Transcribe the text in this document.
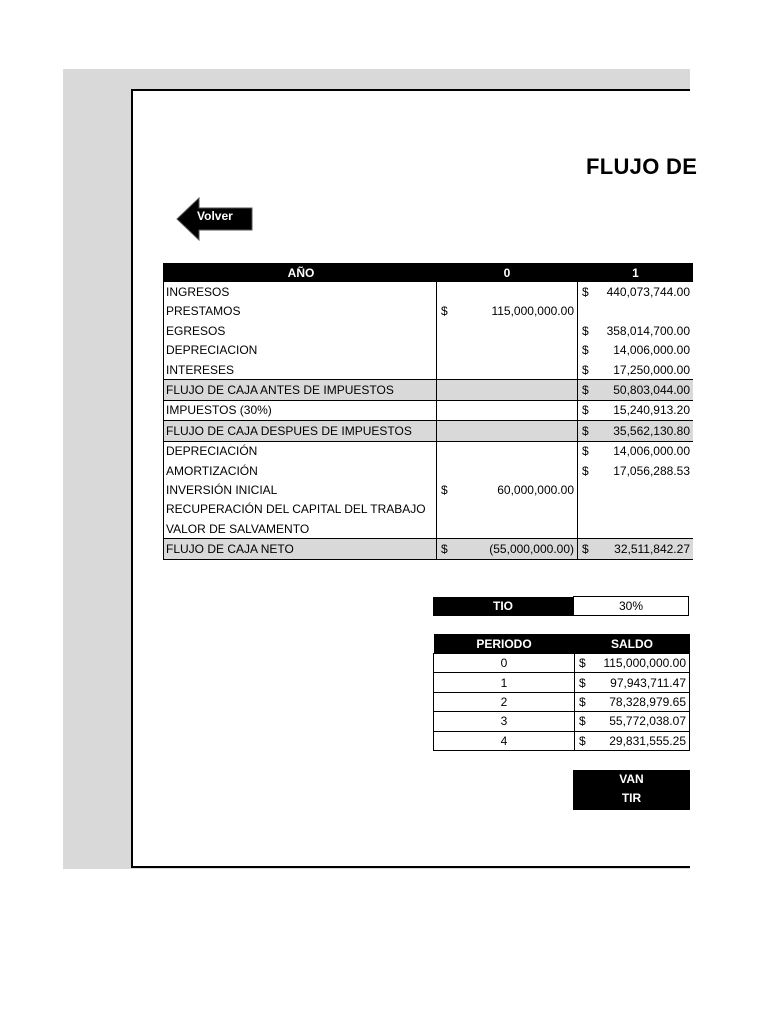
FLUJO DE
Volver
AÑO	0	1
INGRESOS		$ 440,073,744.00

PRESTAMOS	$ 115,000,000.00	

EGRESOS		$ 358,014,700.00

DEPRECIACION		$ 14,006,000.00

INTERESES		$ 17,250,000.00

FLUJO DE CAJA ANTES DE IMPUESTOS		$ 50,803,044.00

IMPUESTOS (30%)		$ 15,240,913.20

FLUJO DE CAJA DESPUES DE IMPUESTOS		$ 35,562,130.80

DEPRECIACIÓN		$ 14,006,000.00

AMORTIZACIÓN		$ 17,056,288.53

INVERSIÓN INICIAL	$ 60,000,000.00	

RECUPERACIÓN DEL CAPITAL DEL TRABAJO		
VALOR DE SALVAMENTO		
FLUJO DE CAJA NETO	$ (55,000,000.00)	$ 32,511,842.27
TIO	30%
PERIODO	SALDO
0	$ 115,000,000.00

1	$ 97,943,711.47

2	$ 78,328,979.65

3	$ 55,772,038.07

4	$ 29,831,555.25
VAN
TIR
